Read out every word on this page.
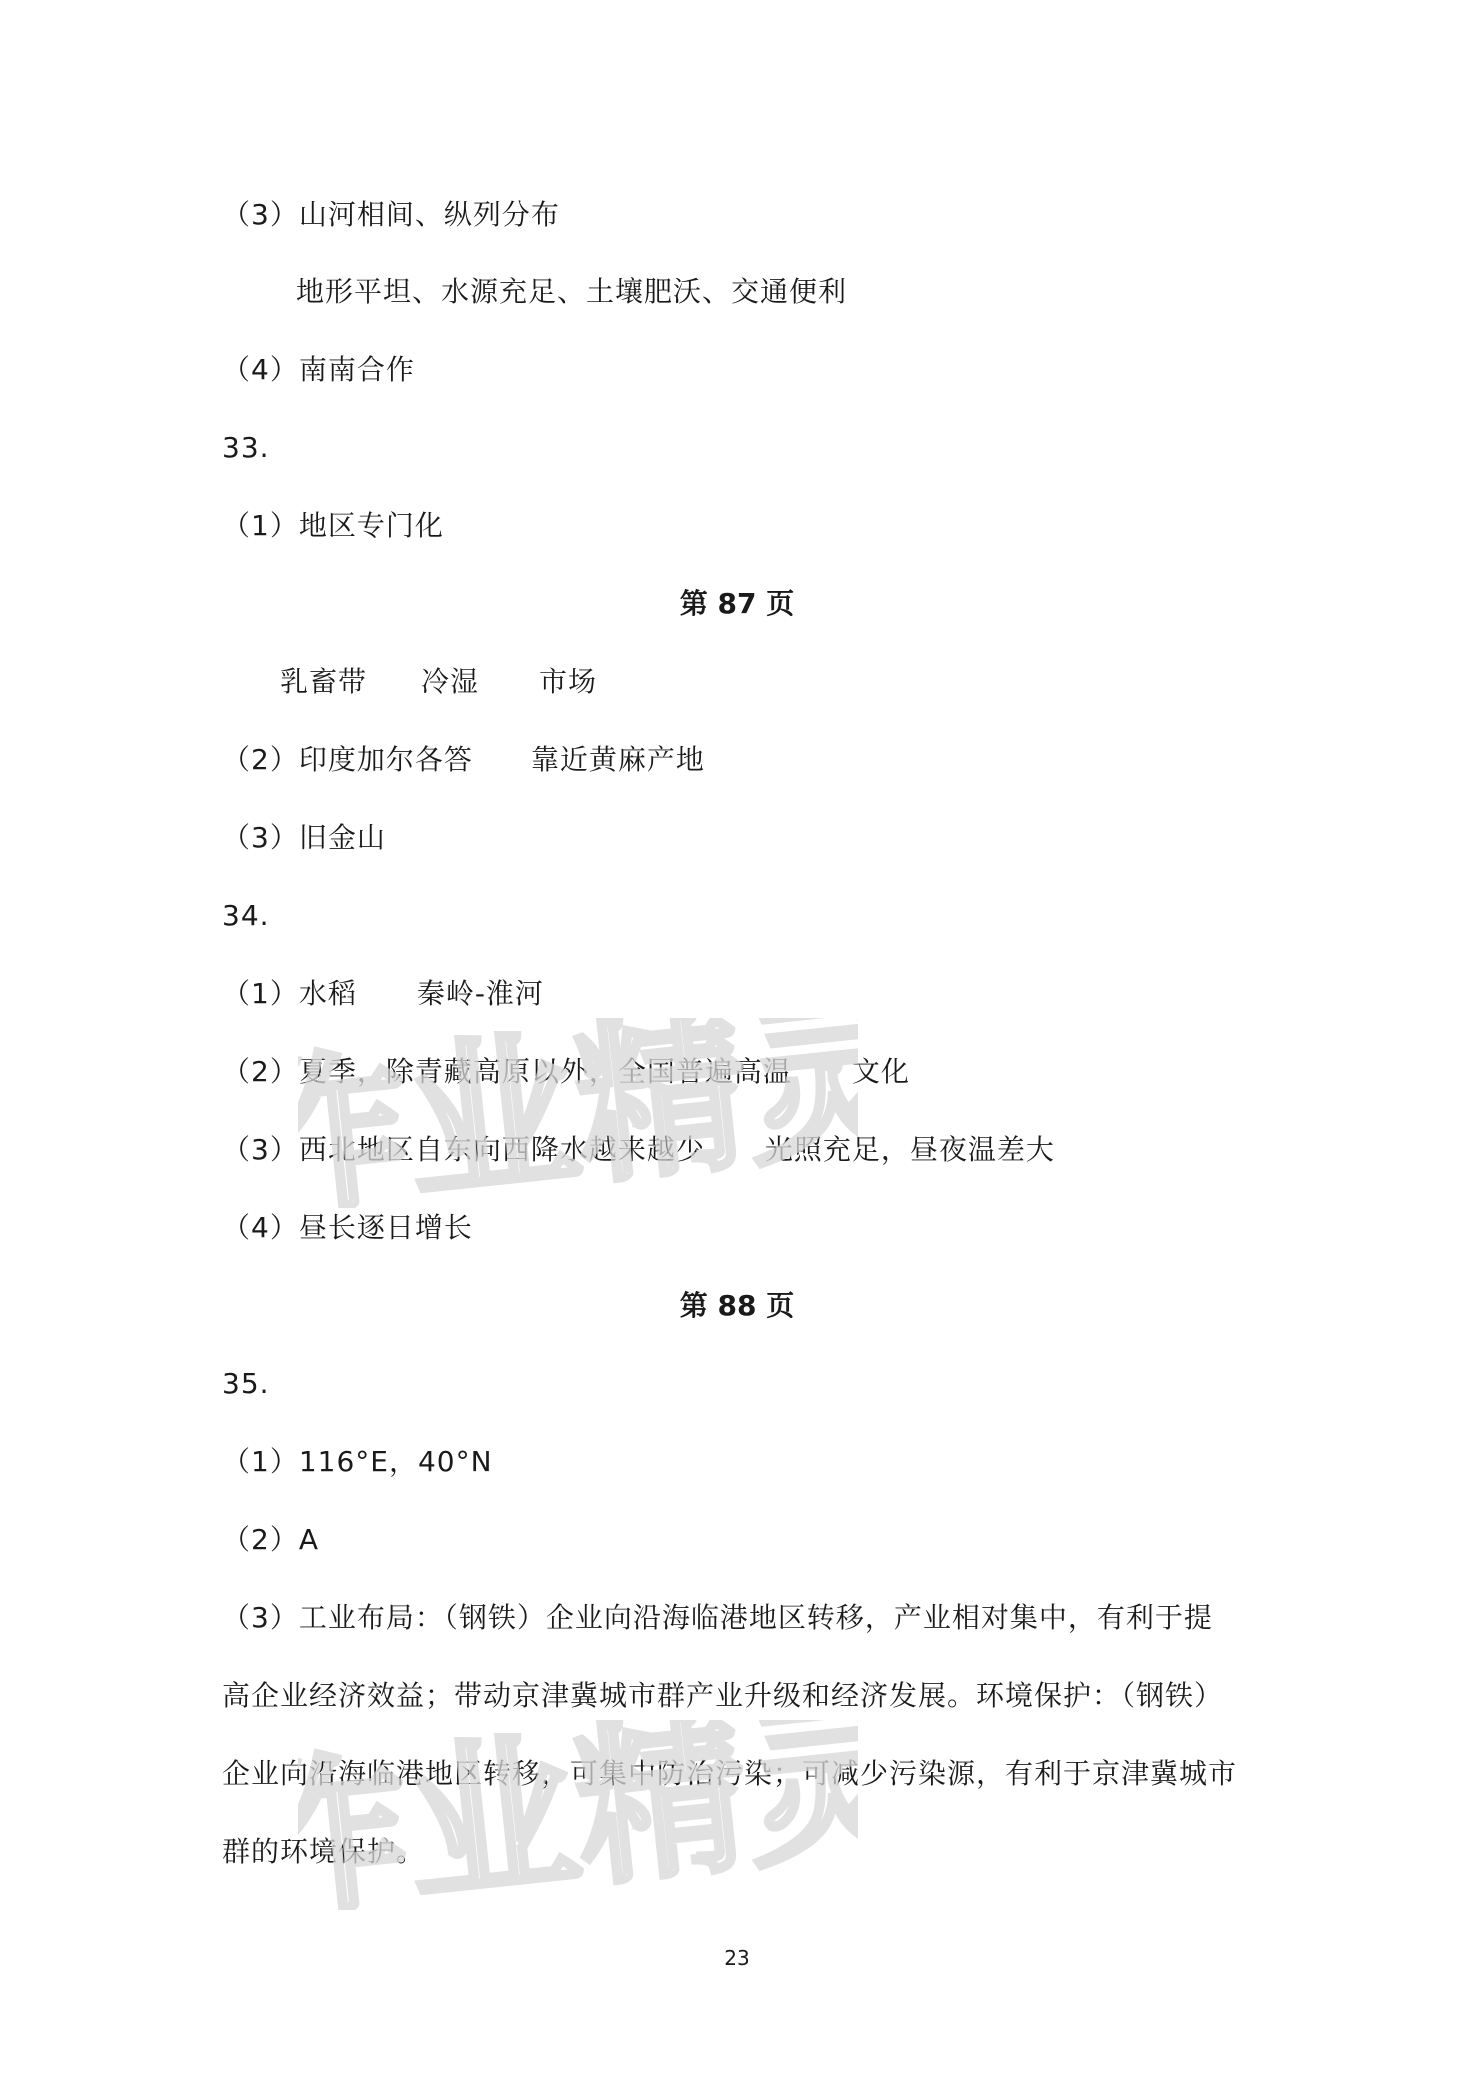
（3）山河相间、纵列分布
地形平坦、水源充足、土壤肥沃、交通便利
（4）南南合作
33.
（1）地区专门化
第 87 页
乳畜带 冷湿 市场
（2）印度加尔各答 靠近黄麻产地
（3）旧金山
34.
（1）水稻 秦岭-淮河
（2）夏季，除青藏高原以外，全国普遍高温 文化
（3）西北地区自东向西降水越来越少 光照充足，昼夜温差大
（4）昼长逐日增长
第 88 页
35.
（1）116°E，40°N
（2）A
（3）工业布局：（钢铁）企业向沿海临港地区转移，产业相对集中，有利于提
高企业经济效益；带动京津冀城市群产业升级和经济发展。环境保护：（钢铁）
企业向沿海临港地区转移，可集中防治污染；可减少污染源，有利于京津冀城市
群的环境保护。
作业精灵
作业精灵
23
